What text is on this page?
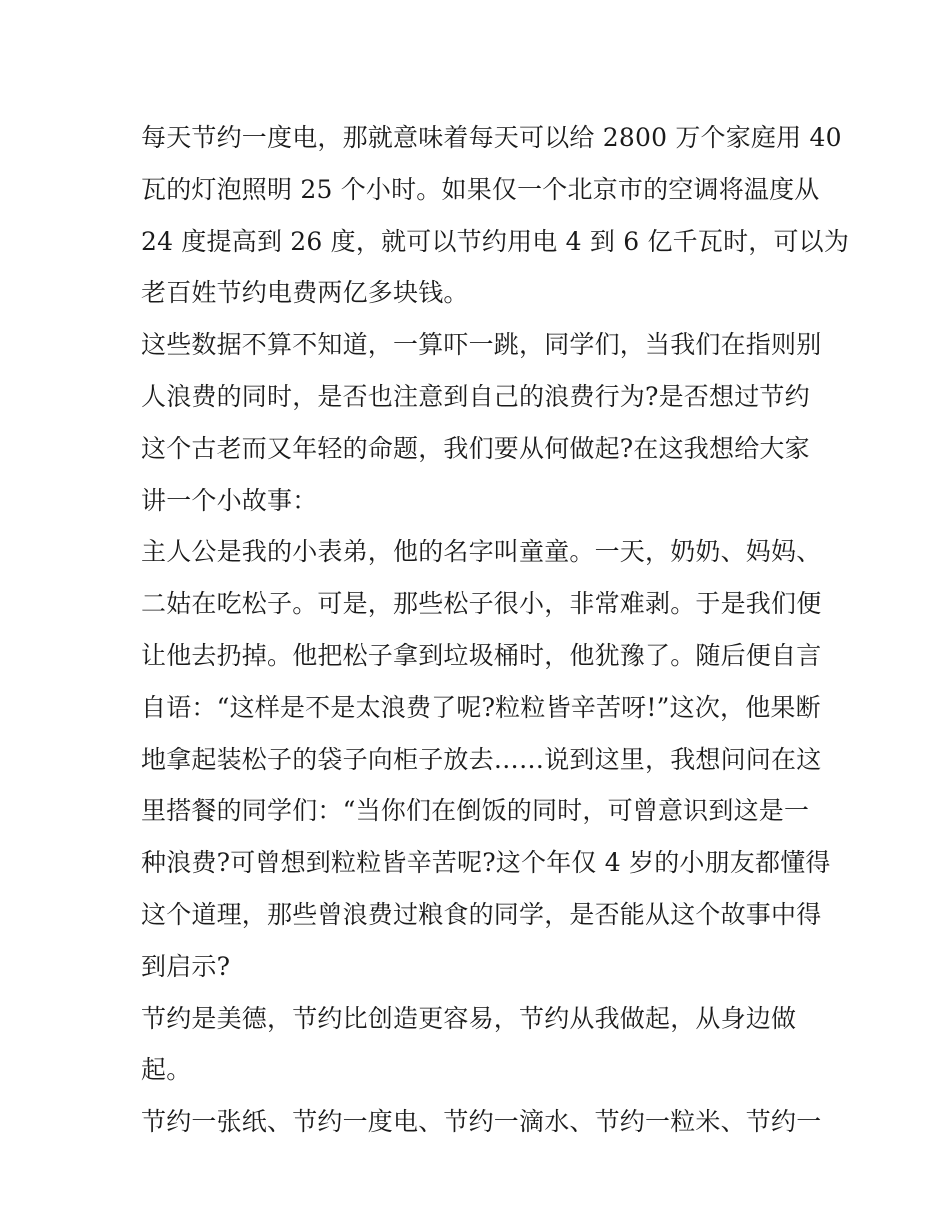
每天节约一度电，那就意味着每天可以给 2800 万个家庭用 40
瓦的灯泡照明 25 个小时。如果仅一个北京市的空调将温度从
24 度提高到 26 度，就可以节约用电 4 到 6 亿千瓦时，可以为
老百姓节约电费两亿多块钱。
这些数据不算不知道，一算吓一跳，同学们，当我们在指则别
人浪费的同时，是否也注意到自己的浪费行为?是否想过节约
这个古老而又年轻的命题，我们要从何做起?在这我想给大家
讲一个小故事：
主人公是我的小表弟，他的名字叫童童。一天，奶奶、妈妈、
二姑在吃松子。可是，那些松子很小，非常难剥。于是我们便
让他去扔掉。他把松子拿到垃圾桶时，他犹豫了。随后便自言
自语：“这样是不是太浪费了呢?粒粒皆辛苦呀!”这次，他果断
地拿起装松子的袋子向柜子放去……说到这里，我想问问在这
里搭餐的同学们：“当你们在倒饭的同时，可曾意识到这是一
种浪费?可曾想到粒粒皆辛苦呢?这个年仅 4 岁的小朋友都懂得
这个道理，那些曾浪费过粮食的同学，是否能从这个故事中得
到启示?
节约是美德，节约比创造更容易，节约从我做起，从身边做
起。
节约一张纸、节约一度电、节约一滴水、节约一粒米、节约一
